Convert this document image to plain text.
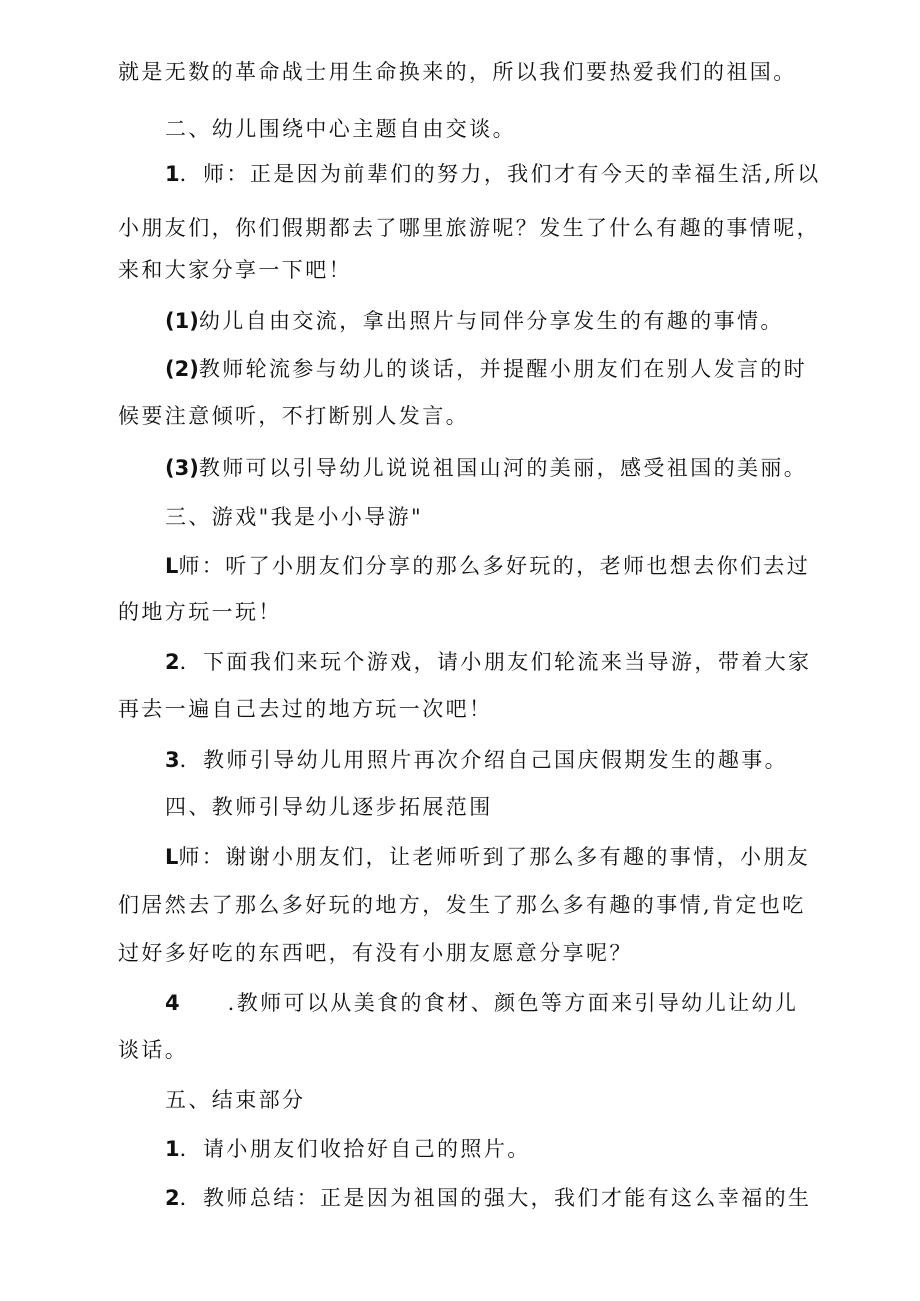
就是无数的革命战士用生命换来的，所以我们要热爱我们的祖国。
二、幼儿围绕中心主题自由交谈。
1．师：正是因为前辈们的努力，我们才有今天的幸福生活,所以
小朋友们，你们假期都去了哪里旅游呢？发生了什么有趣的事情呢，
来和大家分享一下吧！
(1)幼儿自由交流，拿出照片与同伴分享发生的有趣的事情。
(2)教师轮流参与幼儿的谈话，并提醒小朋友们在别人发言的时
候要注意倾听，不打断别人发言。
(3)教师可以引导幼儿说说祖国山河的美丽，感受祖国的美丽。
三、游戏"我是小小导游"
L师：听了小朋友们分享的那么多好玩的，老师也想去你们去过
的地方玩一玩！
2．下面我们来玩个游戏，请小朋友们轮流来当导游，带着大家
再去一遍自己去过的地方玩一次吧！
3．教师引导幼儿用照片再次介绍自己国庆假期发生的趣事。
四、教师引导幼儿逐步拓展范围
L师：谢谢小朋友们，让老师听到了那么多有趣的事情，小朋友
们居然去了那么多好玩的地方，发生了那么多有趣的事情,肯定也吃
过好多好吃的东西吧，有没有小朋友愿意分享呢？
4 .教师可以从美食的食材、颜色等方面来引导幼儿让幼儿
谈话。
五、结束部分
1．请小朋友们收拾好自己的照片。
2．教师总结：正是因为祖国的强大，我们才能有这么幸福的生
